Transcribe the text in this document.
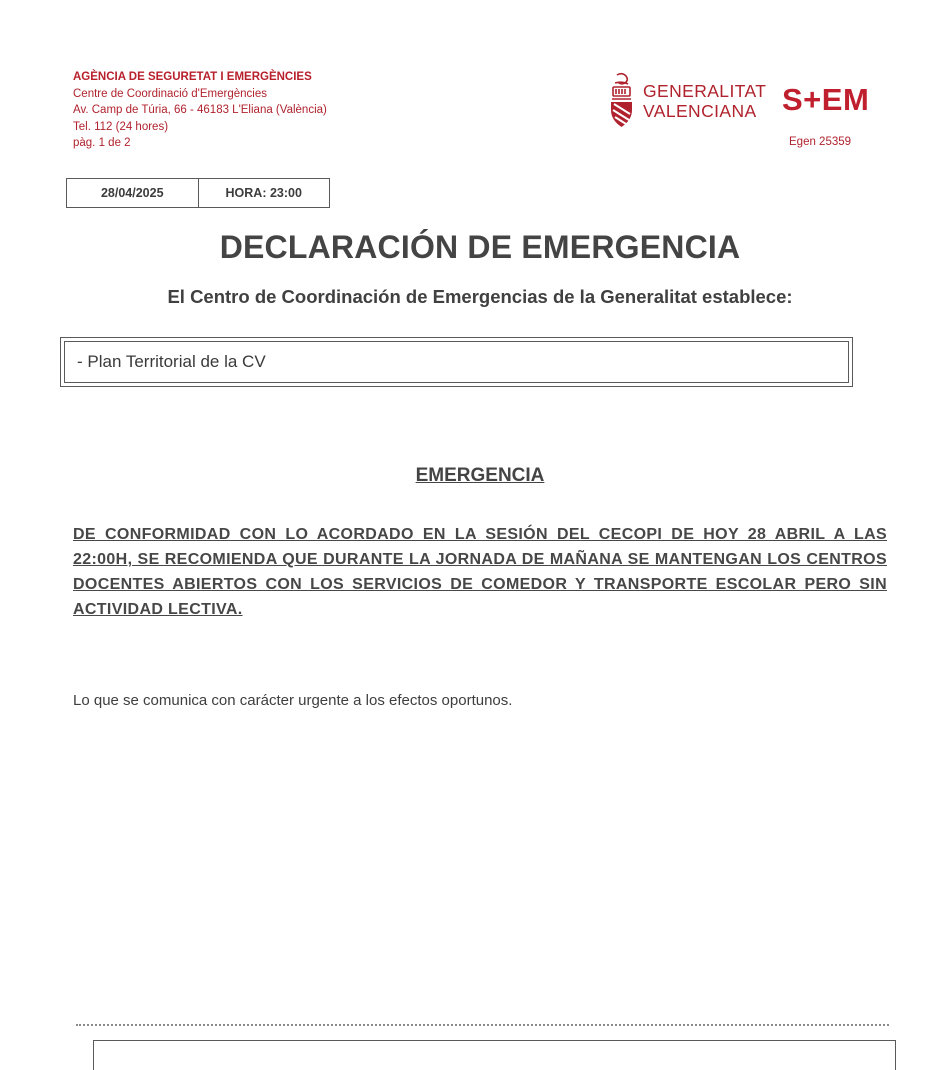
AGÈNCIA DE SEGURETAT I EMERGÈNCIES
Centre de Coordinació d'Emergències
Av. Camp de Túria, 66 - 46183 L'Eliana (València)
Tel. 112 (24 hores)
pàg. 1 de 2
GENERALITAT
VALENCIANA S+EM
Egen 25359
28/04/2025	HORA: 23:00
DECLARACIÓN DE EMERGENCIA
El Centro de Coordinación de Emergencias de la Generalitat establece:
- Plan Territorial de la CV
EMERGENCIA
DE CONFORMIDAD CON LO ACORDADO EN LA SESIÓN DEL CECOPI DE HOY 28 ABRIL A LAS 22:00H, SE RECOMIENDA QUE DURANTE LA JORNADA DE MAÑANA SE MANTENGAN LOS CENTROS DOCENTES ABIERTOS CON LOS SERVICIOS DE COMEDOR Y TRANSPORTE ESCOLAR PERO SIN ACTIVIDAD LECTIVA.
Lo que se comunica con carácter urgente a los efectos oportunos.
